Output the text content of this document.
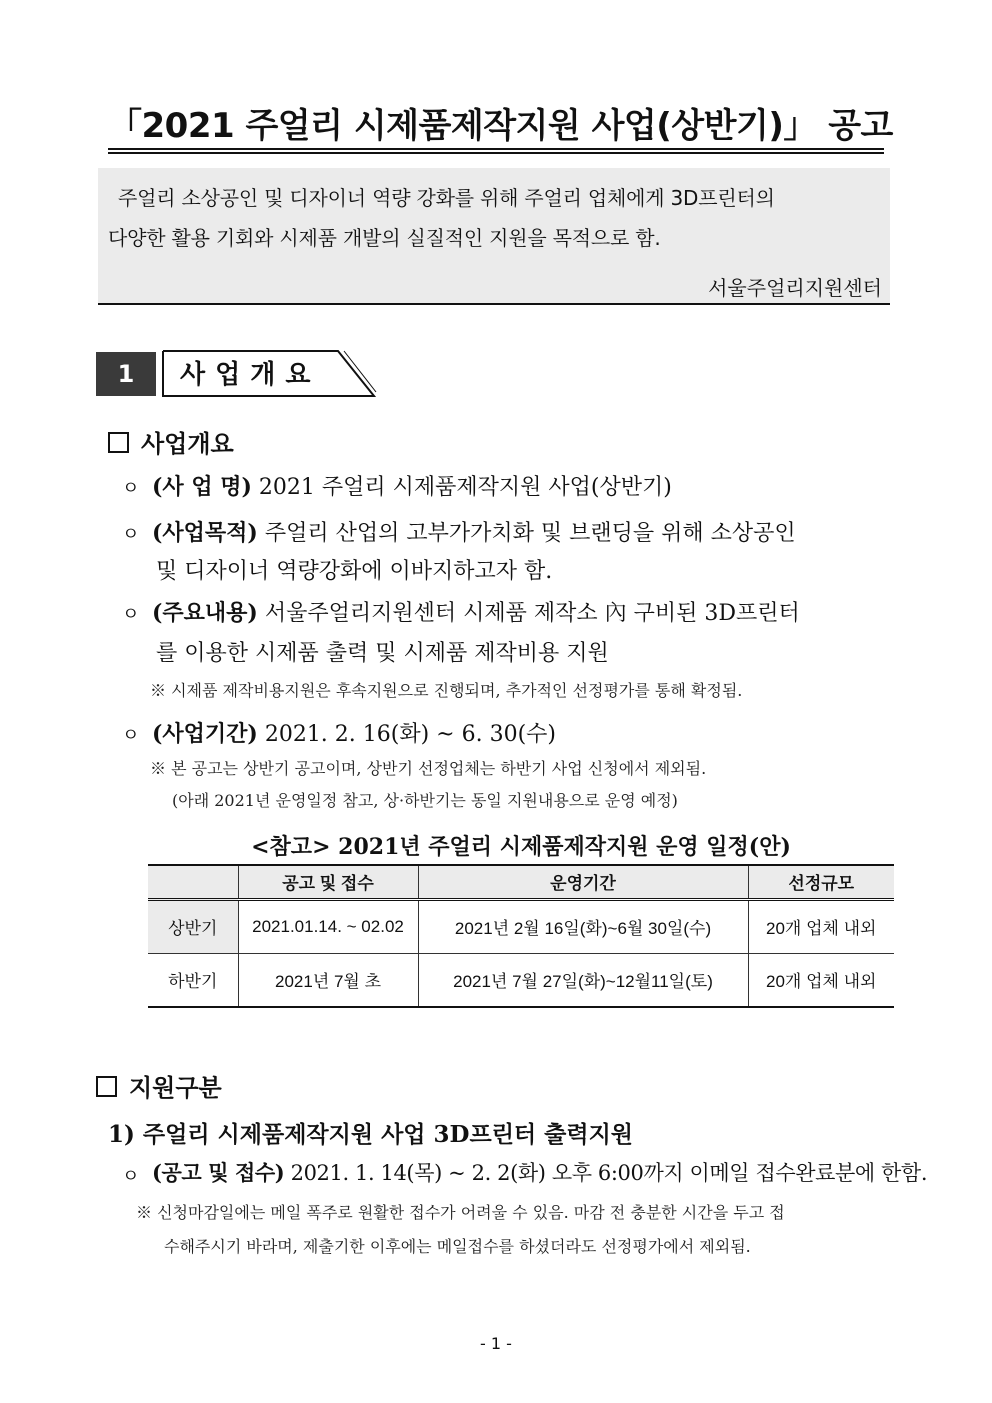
「2021 주얼리 시제품제작지원 사업(상반기)」 공고
주얼리 소상공인 및 디자이너 역량 강화를 위해 주얼리 업체에게 3D프린터의
다양한 활용 기회와 시제품 개발의 실질적인 지원을 목적으로 함.
서울주얼리지원센터
1	사업개요
사업개요
ㅇ (사 업 명) 2021 주얼리 시제품제작지원 사업(상반기)
ㅇ (사업목적) 주얼리 산업의 고부가가치화 및 브랜딩을 위해 소상공인
및 디자이너 역량강화에 이바지하고자 함.
ㅇ (주요내용) 서울주얼리지원센터 시제품 제작소 內 구비된 3D프린터
를 이용한 시제품 출력 및 시제품 제작비용 지원
※ 시제품 제작비용지원은 후속지원으로 진행되며, 추가적인 선정평가를 통해 확정됨.
ㅇ (사업기간) 2021. 2. 16(화) ~ 6. 30(수)
※ 본 공고는 상반기 공고이며, 상반기 선정업체는 하반기 사업 신청에서 제외됨.
(아래 2021년 운영일정 참고, 상·하반기는 동일 지원내용으로 운영 예정)
<참고> 2021년 주얼리 시제품제작지원 운영 일정(안)
	공고 및 접수	운영기간	선정규모
상반기	2021.01.14. ~ 02.02	2021년 2월 16일(화)~6월 30일(수)	20개 업체 내외
하반기	2021년 7월 초	2021년 7월 27일(화)~12월11일(토)	20개 업체 내외
지원구분
1) 주얼리 시제품제작지원 사업 3D프린터 출력지원
ㅇ (공고 및 접수) 2021. 1. 14(목) ~ 2. 2(화) 오후 6:00까지 이메일 접수완료분에 한함.
※ 신청마감일에는 메일 폭주로 원활한 접수가 어려울 수 있음. 마감 전 충분한 시간을 두고 접
수해주시기 바라며, 제출기한 이후에는 메일접수를 하셨더라도 선정평가에서 제외됨.
- 1 -
